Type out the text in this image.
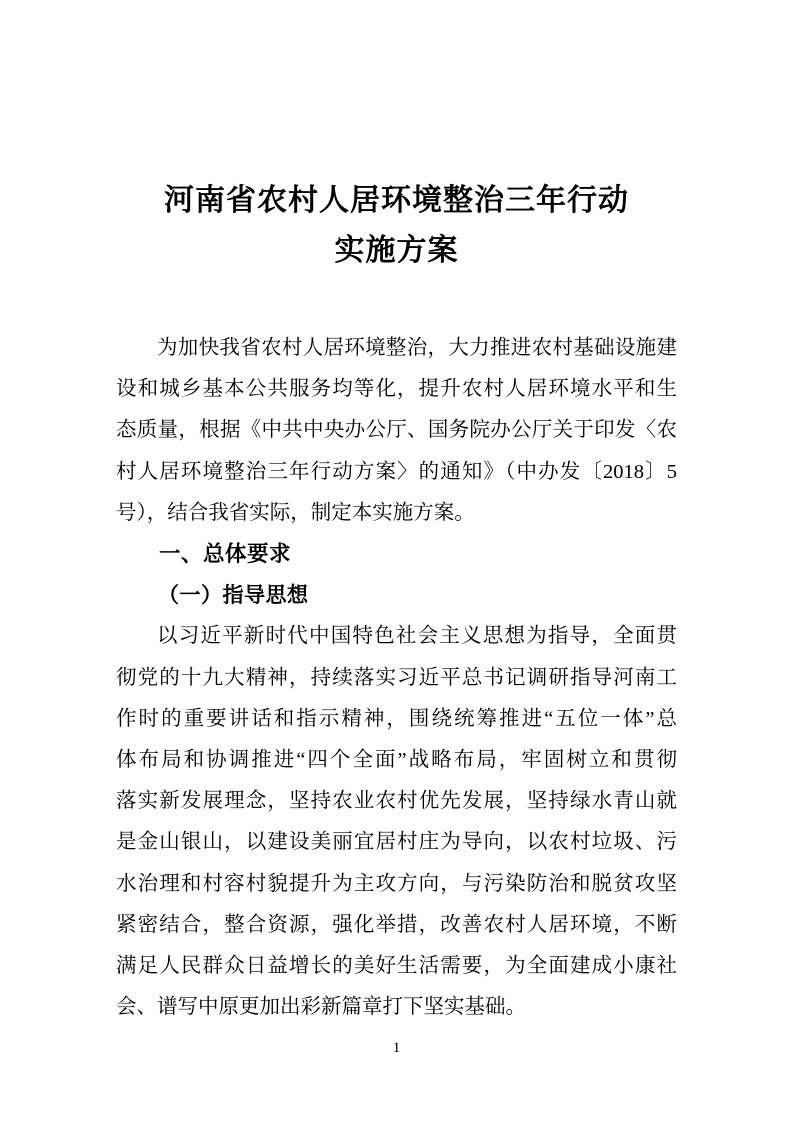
河南省农村人居环境整治三年行动
实施方案
为加快我省农村人居环境整治，大力推进农村基础设施建
设和城乡基本公共服务均等化，提升农村人居环境水平和生
态质量，根据《中共中央办公厅、国务院办公厅关于印发〈农
村人居环境整治三年行动方案〉的通知》（中办发〔2018〕5
号），结合我省实际，制定本实施方案。
一、总体要求
（一）指导思想
以习近平新时代中国特色社会主义思想为指导，全面贯
彻党的十九大精神，持续落实习近平总书记调研指导河南工
作时的重要讲话和指示精神，围绕统筹推进“五位一体”总
体布局和协调推进“四个全面”战略布局，牢固树立和贯彻
落实新发展理念，坚持农业农村优先发展，坚持绿水青山就
是金山银山，以建设美丽宜居村庄为导向，以农村垃圾、污
水治理和村容村貌提升为主攻方向，与污染防治和脱贫攻坚
紧密结合，整合资源，强化举措，改善农村人居环境，不断
满足人民群众日益增长的美好生活需要，为全面建成小康社
会、谱写中原更加出彩新篇章打下坚实基础。
1
